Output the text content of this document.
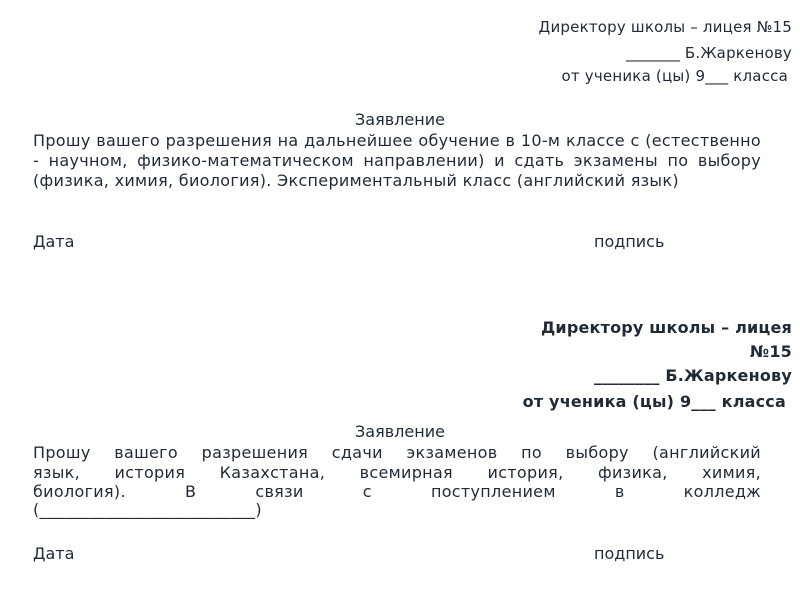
Директору школы – лицея №15
_______ Б.Жаркенову
от ученика (цы) 9___ класса
Заявление
Прошу вашего разрешения на дальнейшее обучение в 10-м классе с (естественно - научном, физико-математическом направлении) и сдать экзамены по выбору (физика, химия, биология). Экспериментальный класс (английский язык)
Дата	подпись
Директору школы – лицея
№15
________ Б.Жаркенову
от ученика (цы) 9___ класса
Заявление
Прошу вашего разрешения сдачи экзаменов по выбору (английский
язык, история Казахстана, всемирная история, физика, химия,
биология). В связи с поступлением в колледж
(__________________________)
Дата	подпись
